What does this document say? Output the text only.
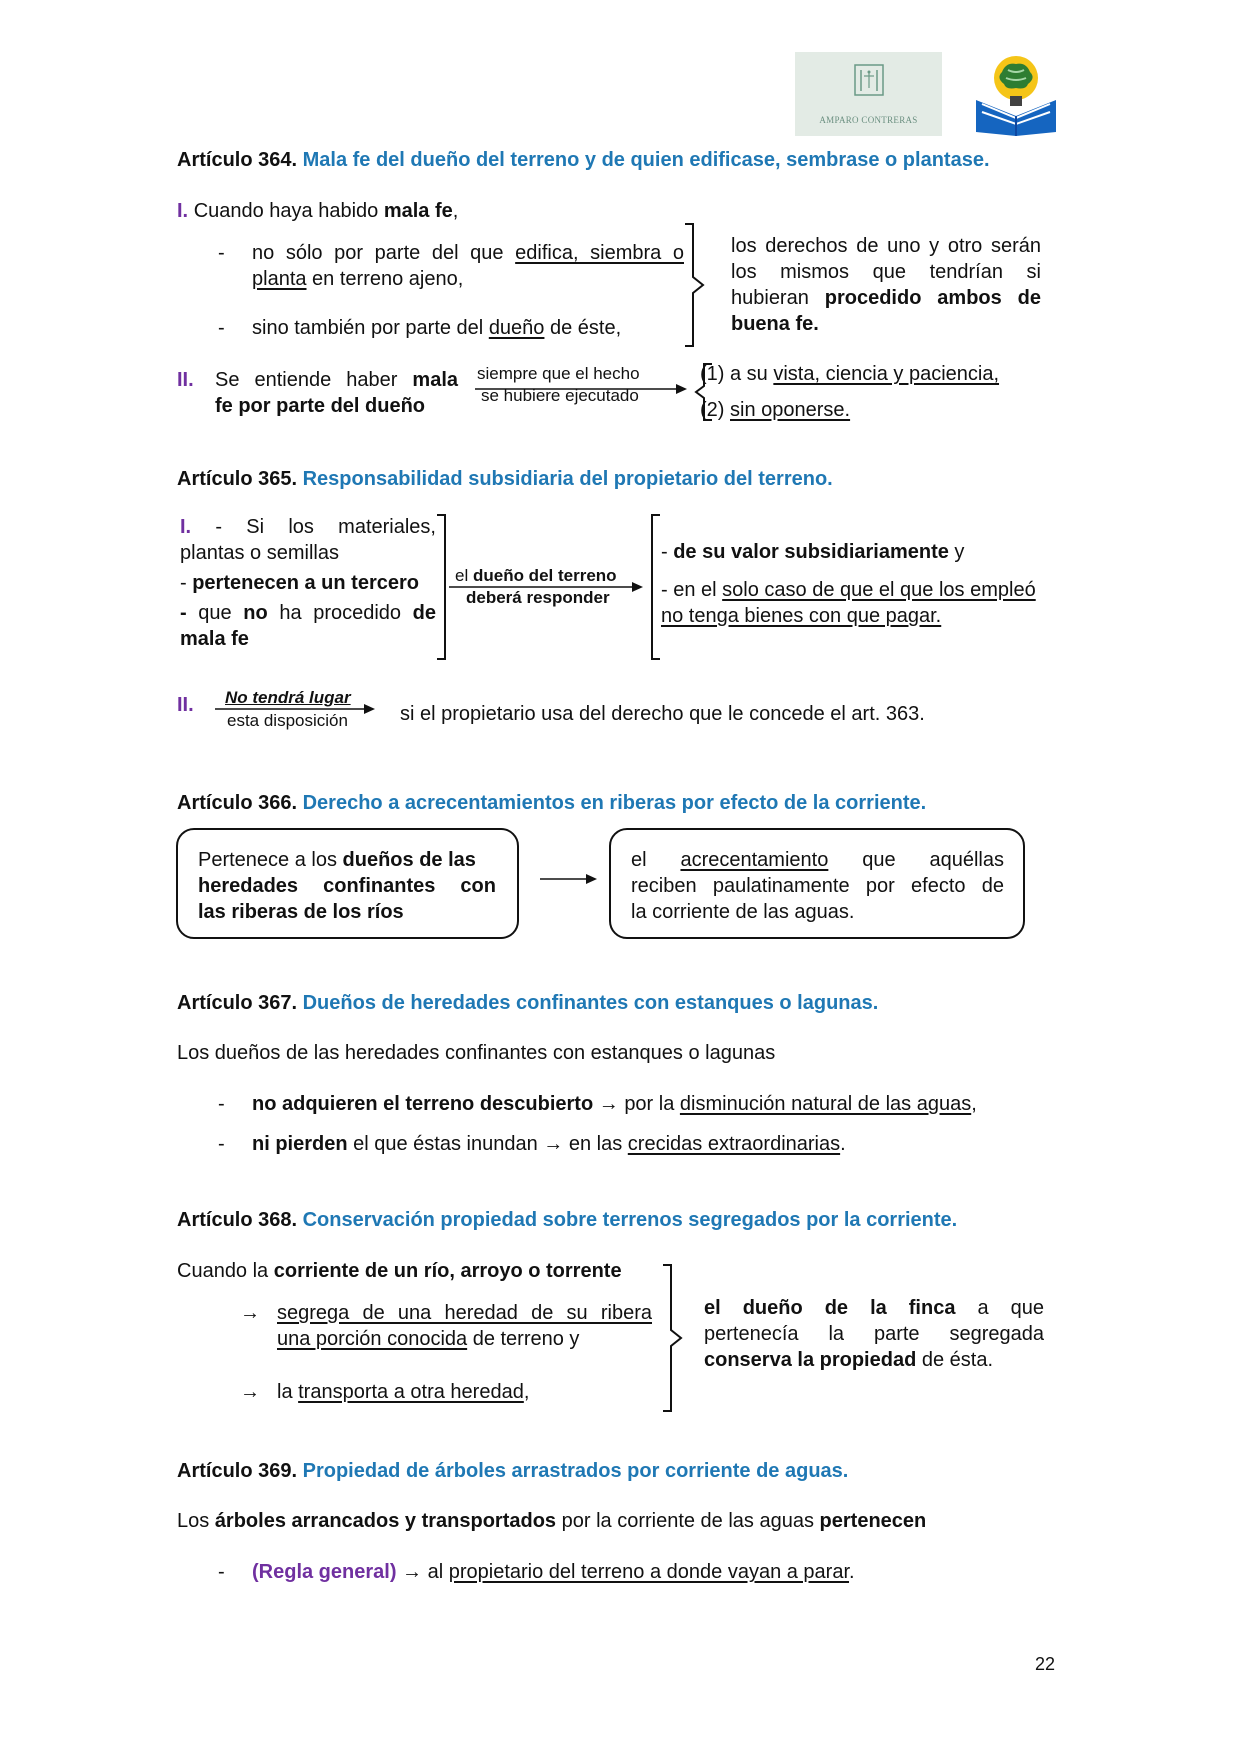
AMPARO CONTRERAS
Artículo 364. Mala fe del dueño del terreno y de quien edificase, sembrase o plantase.
I. Cuando haya habido mala fe,
- no sólo por parte del que edifica, siembra o
planta en terreno ajeno,
- sino también por parte del dueño de éste,
los derechos de uno y otro serán
los mismos que tendrían si
hubieran procedido ambos de
buena fe.
II. Se entiende haber mala
fe por parte del dueño
siempre que el hecho
se hubiere ejecutado
(1) a su vista, ciencia y paciencia,
(2) sin oponerse.
Artículo 365. Responsabilidad subsidiaria del propietario del terreno.
I. - Si los materiales,
plantas o semillas
- pertenecen a un tercero
- que no ha procedido de
mala fe
el dueño del terreno
deberá responder
- de su valor subsidiariamente y
- en el solo caso de que el que los empleó
no tenga bienes con que pagar.
II. No tendrá lugar
esta disposición	si el propietario usa del derecho que le concede el art. 363.
Artículo 366. Derecho a acrecentamientos en riberas por efecto de la corriente.
Pertenece a los dueños de las
heredades confinantes con
las riberas de los ríos
el acrecentamiento que aquéllas
reciben paulatinamente por efecto de
la corriente de las aguas.
Artículo 367. Dueños de heredades confinantes con estanques o lagunas.
Los dueños de las heredades confinantes con estanques o lagunas
- no adquieren el terreno descubierto → por la disminución natural de las aguas,
- ni pierden el que éstas inundan → en las crecidas extraordinarias.
Artículo 368. Conservación propiedad sobre terrenos segregados por la corriente.
Cuando la corriente de un río, arroyo o torrente
→ segrega de una heredad de su ribera
una porción conocida de terreno y
→ la transporta a otra heredad,
el dueño de la finca a que
pertenecía la parte segregada
conserva la propiedad de ésta.
Artículo 369. Propiedad de árboles arrastrados por corriente de aguas.
Los árboles arrancados y transportados por la corriente de las aguas pertenecen
- (Regla general) → al propietario del terreno a donde vayan a parar.
22
